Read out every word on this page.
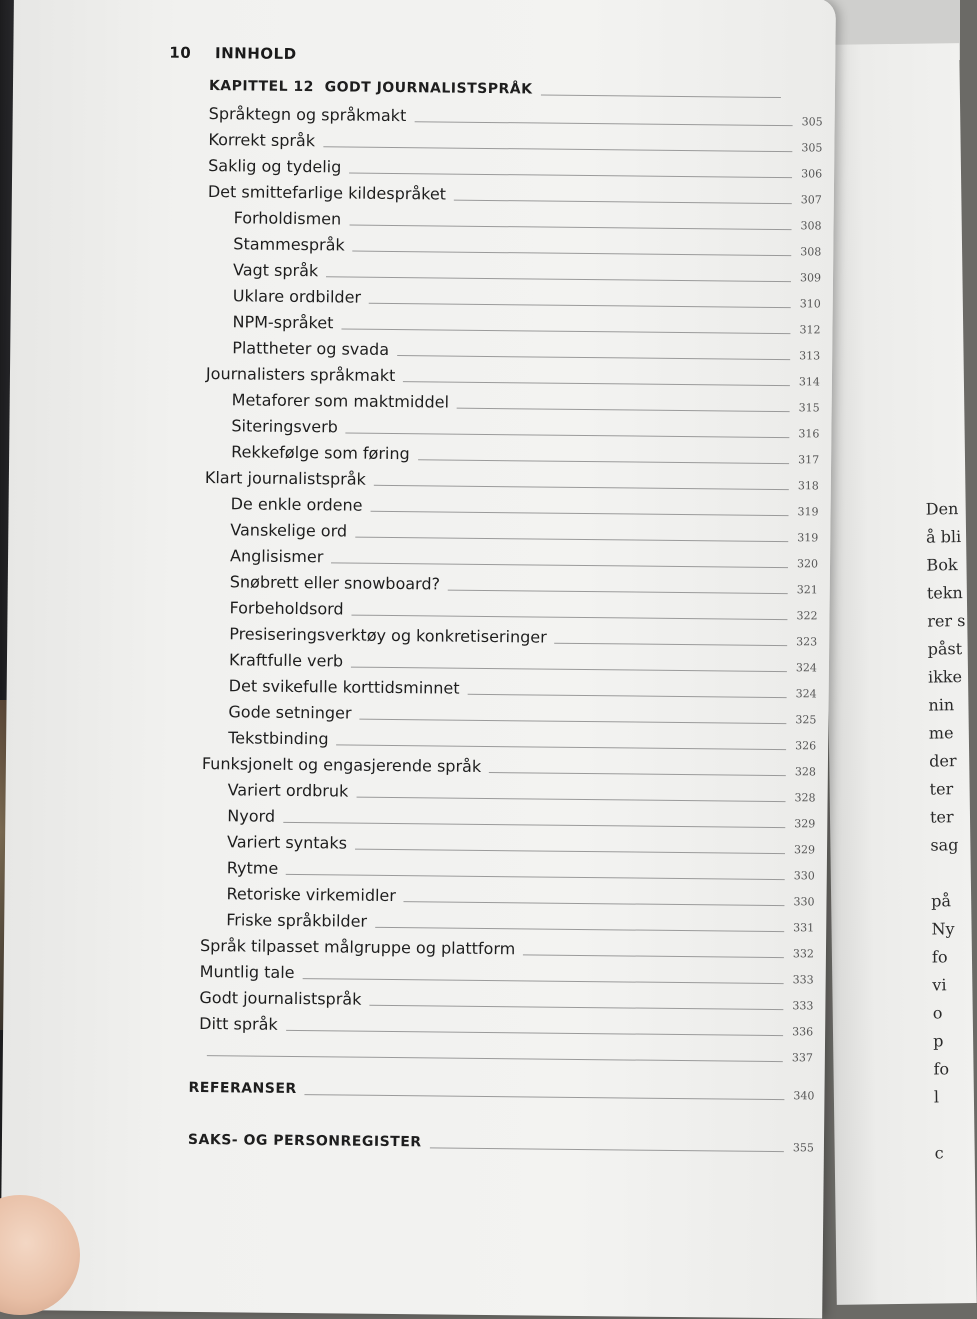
Den
å bli
Bok
tekn
rer s
påst
ikke
nin
me
der
ter
ter
sag
på
Ny
fo
vi
o
p
fo
l
c
10 INNHOLD
KAPITTEL 12 GODT JOURNALISTSPRÅK
Språktegn og språkmakt	305
Korrekt språk	305
Saklig og tydelig	306
Det smittefarlige kildespråket	307
Forholdismen	308
Stammespråk	308
Vagt språk	309
Uklare ordbilder	310
NPM-språket	312
Plattheter og svada	313
Journalisters språkmakt	314
Metaforer som maktmiddel	315
Siteringsverb	316
Rekkefølge som føring	317
Klart journalistspråk	318
De enkle ordene	319
Vanskelige ord	319
Anglisismer	320
Snøbrett eller snowboard?	321
Forbeholdsord	322
Presiseringsverktøy og konkretiseringer	323
Kraftfulle verb	324
Det svikefulle korttidsminnet	324
Gode setninger	325
Tekstbinding	326
Funksjonelt og engasjerende språk	328
Variert ordbruk	328
Nyord	329
Variert syntaks	329
Rytme	330
Retoriske virkemidler	330
Friske språkbilder	331
Språk tilpasset målgruppe og plattform	332
Muntlig tale	333
Godt journalistspråk	333
Ditt språk	336
337
REFERANSER	340
SAKS- OG PERSONREGISTER	355
